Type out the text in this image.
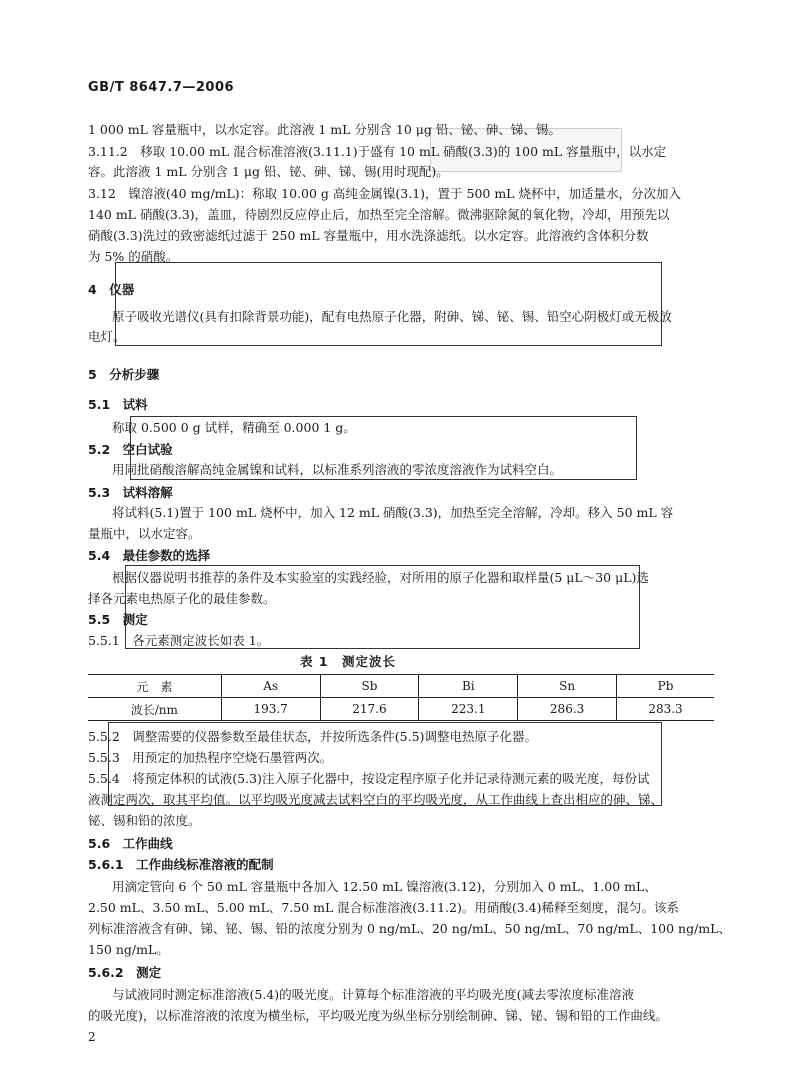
GB/T 8647.7—2006
1 000 mL 容量瓶中，以水定容。此溶液 1 mL 分别含 10 μg 铅、铋、砷、锑、锡。
3.11.2　移取 10.00 mL 混合标准溶液(3.11.1)于盛有 10 mL 硝酸(3.3)的 100 mL 容量瓶中，以水定
容。此溶液 1 mL 分别含 1 μg 铅、铋、砷、锑、锡(用时现配)。
3.12　镍溶液(40 mg/mL)：称取 10.00 g 高纯金属镍(3.1)，置于 500 mL 烧杯中，加适量水，分次加入
140 mL 硝酸(3.3)，盖皿，待剧烈反应停止后，加热至完全溶解。微沸驱除氮的氧化物，冷却，用预先以
硝酸(3.3)洗过的致密滤纸过滤于 250 mL 容量瓶中，用水洗涤滤纸。以水定容。此溶液约含体积分数
为 5% 的硝酸。
4　仪器
原子吸收光谱仪(具有扣除背景功能)，配有电热原子化器，附砷、锑、铋、锡、铅空心阴极灯或无极放
电灯。
5　分析步骤
5.1　试料
称取 0.500 0 g 试样，精确至 0.000 1 g。
5.2　空白试验
用同批硝酸溶解高纯金属镍和试料，以标准系列溶液的零浓度溶液作为试料空白。
5.3　试料溶解
将试料(5.1)置于 100 mL 烧杯中，加入 12 mL 硝酸(3.3)，加热至完全溶解，冷却。移入 50 mL 容
量瓶中，以水定容。
5.4　最佳参数的选择
根据仪器说明书推荐的条件及本实验室的实践经验，对所用的原子化器和取样量(5 μL～30 μL)选
择各元素电热原子化的最佳参数。
5.5　测定
5.5.1　各元素测定波长如表 1。
表 1　测定波长
元　素	As	Sb	Bi	Sn	Pb
波长/nm	193.7	217.6	223.1	286.3	283.3
5.5.2　调整需要的仪器参数至最佳状态，并按所选条件(5.5)调整电热原子化器。
5.5.3　用预定的加热程序空烧石墨管两次。
5.5.4　将预定体积的试液(5.3)注入原子化器中，按设定程序原子化并记录待测元素的吸光度，每份试
液测定两次，取其平均值。以平均吸光度减去试料空白的平均吸光度，从工作曲线上查出相应的砷、锑、
铋、锡和铅的浓度。
5.6　工作曲线
5.6.1　工作曲线标准溶液的配制
用滴定管向 6 个 50 mL 容量瓶中各加入 12.50 mL 镍溶液(3.12)，分别加入 0 mL、1.00 mL、
2.50 mL、3.50 mL、5.00 mL、7.50 mL 混合标准溶液(3.11.2)。用硝酸(3.4)稀释至刻度，混匀。该系
列标准溶液含有砷、锑、铋、锡、铅的浓度分别为 0 ng/mL、20 ng/mL、50 ng/mL、70 ng/mL、100 ng/mL、
150 ng/mL。
5.6.2　测定
与试液同时测定标准溶液(5.4)的吸光度。计算每个标准溶液的平均吸光度(减去零浓度标准溶液
的吸光度)，以标准溶液的浓度为横坐标，平均吸光度为纵坐标分别绘制砷、锑、铋、锡和铅的工作曲线。
2
